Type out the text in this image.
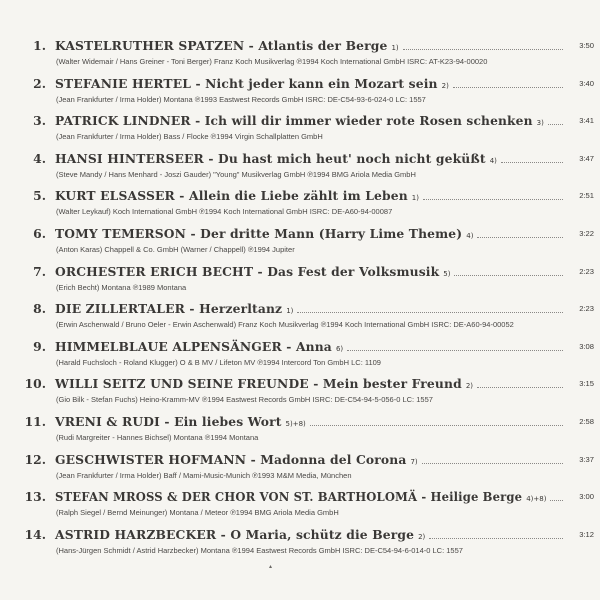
1. KASTELRUTHER SPATZEN - Atlantis der Berge 1)	3:50
(Walter Widemair / Hans Greiner - Toni Berger) Franz Koch Musikverlag ℗1994 Koch International GmbH ISRC: AT-K23-94-00020
2. STEFANIE HERTEL - Nicht jeder kann ein Mozart sein 2)	3:40
(Jean Frankfurter / Irma Holder) Montana ℗1993 Eastwest Records GmbH ISRC: DE-C54-93-6-024-0 LC: 1557
3. PATRICK LINDNER - Ich will dir immer wieder rote Rosen schenken 3)	3:41
(Jean Frankfurter / Irma Holder) Bass / Flocke ℗1994 Virgin Schallplatten GmbH
4. HANSI HINTERSEER - Du hast mich heut' noch nicht geküßt 4)	3:47
(Steve Mandy / Hans Menhard - Joszi Gauder) "Young" Musikverlag GmbH ℗1994 BMG Ariola Media GmbH
5. KURT ELSASSER - Allein die Liebe zählt im Leben 1)	2:51
(Walter Leykauf) Koch International GmbH ℗1994 Koch International GmbH ISRC: DE-A60-94-00087
6. TOMY TEMERSON - Der dritte Mann (Harry Lime Theme) 4)	3:22
(Anton Karas) Chappell & Co. GmbH (Warner / Chappell) ℗1994 Jupiter
7. ORCHESTER ERICH BECHT - Das Fest der Volksmusik 5)	2:23
(Erich Becht) Montana ℗1989 Montana
8. DIE ZILLERTALER - Herzerltanz 1)	2:23
(Erwin Aschenwald / Bruno Oeler - Erwin Aschenwald) Franz Koch Musikverlag ℗1994 Koch International GmbH ISRC: DE-A60-94-00052
9. HIMMELBLAUE ALPENSÄNGER - Anna 6)	3:08
(Harald Fuchsloch - Roland Klugger) O & B MV / Lifeton MV ℗1994 Intercord Ton GmbH LC: 1109
10. WILLI SEITZ UND SEINE FREUNDE - Mein bester Freund 2)	3:15
(Gio Bilk - Stefan Fuchs) Heino-Kramm-MV ℗1994 Eastwest Records GmbH ISRC: DE-C54-94-5-056-0 LC: 1557
11. VRENI & RUDI - Ein liebes Wort 5)+8)	2:58
(Rudi Margreiter - Hannes Bichsel) Montana ℗1994 Montana
12. GESCHWISTER HOFMANN - Madonna del Corona 7)	3:37
(Jean Frankfurter / Irma Holder) Baff / Mami-Music-Munich ℗1993 M&M Media, München
13. STEFAN MROSS & DER CHOR VON ST. BARTHOLOMÄ - Heilige Berge 4)+8)	3:00
(Ralph Siegel / Bernd Meinunger) Montana / Meteor ℗1994 BMG Ariola Media GmbH
14. ASTRID HARZBECKER - O Maria, schütz die Berge 2)	3:12
(Hans-Jürgen Schmidt / Astrid Harzbecker) Montana ℗1994 Eastwest Records GmbH ISRC: DE-C54-94-6-014-0 LC: 1557
▴
